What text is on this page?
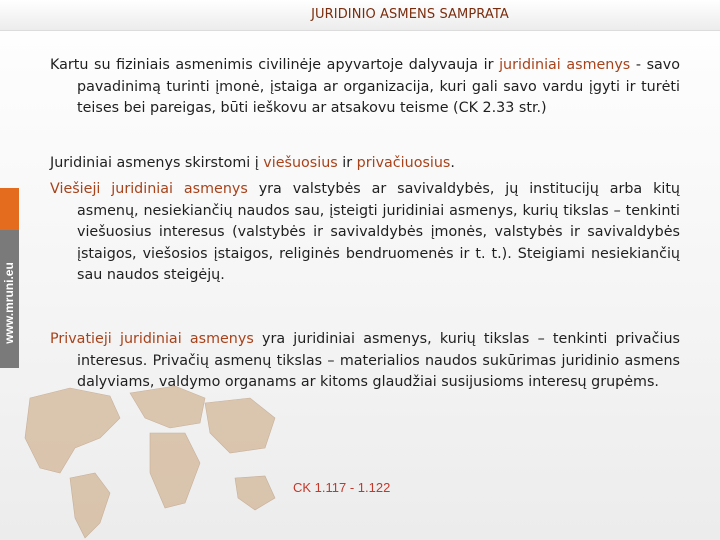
JURIDINIO ASMENS SAMPRATA
www.mruni.eu
Kartu su fiziniais asmenimis civilinėje apyvartoje dalyvauja ir juridiniai asmenys - savo pavadinimą turinti įmonė, įstaiga ar organizacija, kuri gali savo vardu įgyti ir turėti teises bei pareigas, būti ieškovu ar atsakovu teisme (CK 2.33 str.)
Juridiniai asmenys skirstomi į viešuosius ir privačiuosius.
Viešieji juridiniai asmenys yra valstybės ar savivaldybės, jų institucijų arba kitų asmenų, nesiekiančių naudos sau, įsteigti juridiniai asmenys, kurių tikslas – tenkinti viešuosius interesus (valstybės ir savivaldybės įmonės, valstybės ir savivaldybės įstaigos, viešosios įstaigos, religinės bendruomenės ir t. t.). Steigiami nesiekiančių sau naudos steigėjų.
Privatieji juridiniai asmenys yra juridiniai asmenys, kurių tikslas – tenkinti privačius interesus. Privačių asmenų tikslas – materialios naudos sukūrimas juridinio asmens dalyviams, valdymo organams ar kitoms glaudžiai susijusioms interesų grupėms.
CK 1.117 - 1.122
